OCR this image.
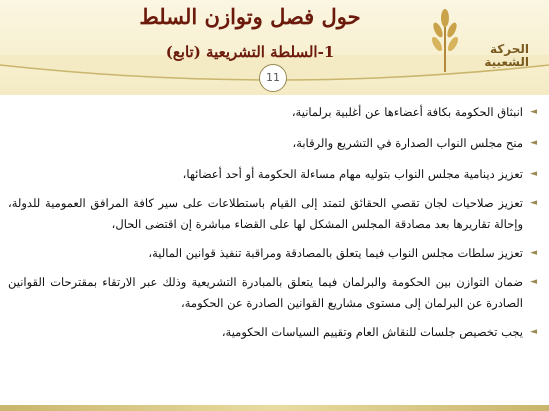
حول فصل وتوازن السلط
1-السلطة التشريعية (تابع)
11
الحركة
الشعبية
◄
انبثاق الحكومة بكافة أعضاءها عن أغلبية برلمانية،
◄
منح مجلس النواب الصدارة في التشريع والرقابة،
◄
تعزيز دينامية مجلس النواب بتوليه مهام مساءلة الحكومة أو أحد أعضائها،
◄
تعزيز صلاحيات لجان تقصي الحقائق لتمتد إلى القيام باستطلاعات على سير كافة المرافق العمومية للدولة، وإحالة تقاريرها بعد مصادقة المجلس المشكل لها على القضاء مباشرة إن اقتضى الحال،
◄
تعزيز سلطات مجلس النواب فيما يتعلق بالمصادقة ومراقبة تنفيذ قوانين المالية،
◄
ضمان التوازن بين الحكومة والبرلمان فيما يتعلق بالمبادرة التشريعية وذلك عبر الارتقاء بمقترحات القوانين الصادرة عن البرلمان إلى مستوى مشاريع القوانين الصادرة عن الحكومة،
◄
يجب تخصيص جلسات للنقاش العام وتقييم السياسات الحكومية،
